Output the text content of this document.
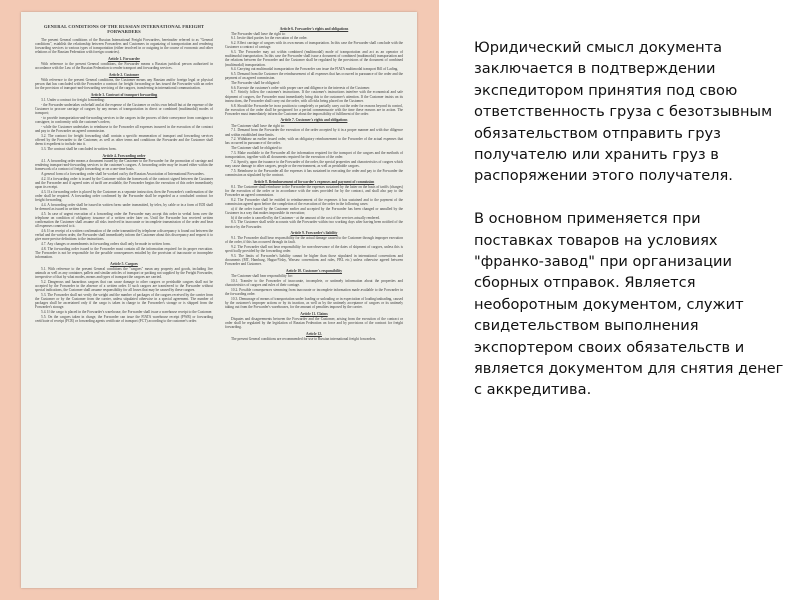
GENERAL CONDITIONS OF THE RUSSIAN INTERNATIONAL FREIGHT FORWARDERS
The present General conditions of the Russian International Freight Forwarders, hereinafter referred to as "General conditions", establish the relationship between Forwarders and Customers in organizing of transportation and rendering forwarding services to various types of transportation (either involved in or outgoing in the course of economic and other relations of the Russian Federation with foreign countries).
Article 1. Forwarder
With reference to the present General conditions, the Forwarder means a Russian juridical person authorized in accordance with the Law of the Russian Federation to render transport and forwarding services.
Article 2. Customer
With reference to the present General conditions, the Customer means any Russian and/or foreign legal or physical person that has concluded with the Forwarder a contract for freight forwarding or has issued the Forwarder with an order for the provision of transport-and-forwarding servicing of the cargoes, transferring in international communication.
Article 3. Contract of transport forwarding
3.1. Under a contract for freight forwarding:
- the Forwarder undertakes on behalf and at the expense of the Customer or on his own behalf but at the expense of the Customer to procure carriage of cargoes by any means of transportation in direct or combined (multimodal) modes of transport;
- to provide transportation-and-forwarding services to the cargoes in the process of their conveyance from consignor to consignee, in conformity with the customer's orders;
- while the Customer undertakes to reimburse to the Forwarder all expenses incurred in the execution of the contract and pay to the Forwarder an agreed commission.
3.2. The contract for freight forwarding shall contain a specific enumeration of transport and forwarding services offered by the Forwarder to the Customer, as well as other terms and conditions the Forwarder and the Customer shall deem it expedient to include into it.
3.3. The contract shall be concluded in written form.
Article 4. Forwarding order
4.1. A forwarding order means a document issued by the Customer to the Forwarder for the promotion of carriage and rendering transport-and-forwarding services to the customer's cargoes. A forwarding order may be issued either within the framework of a contract of freight forwarding or on a one-time basis.
A general form of a forwarding order shall be worked out by the Russian Association of International Forwarders.
4.2. If a forwarding order is issued by the Customer within the framework of the contract signed between the Customer and the Forwarder and if agreed rates of tariff are available, the Forwarder begins the execution of this order immediately upon its receipt.
4.3. If a forwarding order is placed by the Customer as a separate instruction, then the Forwarder's confirmation of the order shall be required. A forwarding order confirmed by the Forwarder shall be regarded as a concluded contract for freight forwarding.
4.4. A forwarding order shall be issued in written form: under transmitted, by telex, by cable or in a form of EDI shall be deemed as issued in written form.
4.5. In case of urgent execution of a forwarding order the Forwarder may accept this order in verbal form over the telephone on condition of obligatory issuance of a written order later on. Until the Forwarder has received written confirmation the Customer shall assume all risks involved in inaccurate or incomplete transmission of the order and bear all expenses connected to it.
4.6. If on receipt of a written confirmation of the order transmitted by telephone a discrepancy is found out between the verbal and the written order, the Forwarder shall immediately inform the Customer about this discrepancy and request it to give more precise definitions to the instructions.
4.7. Any changes or amendments in forwarding orders shall only be made in written form.
4.8. The forwarding order issued to the Forwarder must contain all the information required for its proper execution. The Forwarder is not be responsible for the possible consequences entailed by the provision of inaccurate or incomplete information.
Article 5. Cargoes
5.1. With reference to the present General conditions the "cargoes" mean any property and goods, including live animals as well as any container, pallets and similar articles of transport or packing not supplied by the Freight Forwarder, irrespective of that by what modes, means and types of transport the cargoes are carried.
5.2. Dangerous and hazardous cargoes that can cause damage to other cargoes or perishable cargoes shall not be accepted by the Forwarder in the absence of a written order. If such cargoes are transferred to the Forwarder without special indications, the Customer shall assume responsibility for all losses that may be caused by these cargoes.
5.3. The Forwarder shall not verify the weight and the number of packages of the cargoes received by the carrier from the Customer or by the Customer from the carrier, unless stipulated otherwise in a special agreement. The number of packages shall be ascertained only if the cargo is taken in charge to the Forwarder's storage or is shipped from the Forwarder's storage.
5.4. If the cargo is placed in the Forwarder's warehouse, the Forwarder shall issue a warehouse receipt to the Customer.
5.5. On the cargoes taken in charge, the Forwarder can issue the FIATA warehouse receipt (FWR) or forwarding certificate of receipt (FCR) or forwarding agents certificate of transport (FCT) according to the customer's order.
Article 6. Forwarder's rights and obligations
The Forwarder shall have the right to:
6.1. Invite third parties for the execution of the order.
6.2. Effect carriage of cargoes with its own means of transportation. In this case the Forwarder shall conclude with the Customer a contract of carriage.
6.3. The Forwarder may act within combined (multimodal) mode of transportation and act as an operator of multimodal transportation. In this case the Forwarder shall issue a document of combined (multimodal) transportation and the relations between the Forwarder and the Customer shall be regulated by the provisions of the document of combined (multimodal) transportation.
6.4. Carrying out multimodal transportation the Forwarder can issue the FIATA multimodal transport Bill of Lading.
6.5. Demand from the Customer the reimbursement of all expenses that has occurred in pursuance of the order and the payment of an agreed commission.
The Forwarder shall be obligated:
6.6. Execute the customer's order with proper care and diligence in the interests of the Customer.
6.7. Strictly follow the customer's instructions. If the customer's instructions interfere with the economical and safe shipment of cargoes, the Forwarder must immediately bring this to the customer's attention. If the Customer insists on its instructions, the Forwarder shall carry out the order, with all risks being placed on the Customer.
6.8. Should the Forwarder be in no position to completely or partially carry out the order for reasons beyond its control, the execution of the order shall be postponed for a period commensurate with the time these reasons are in action. The Forwarder must immediately inform the Customer about the impossibility of fulfilment of the order.
Article 7. Customer's rights and obligations
The Customer shall have the right to:
7.1. Demand from the Forwarder the execution of the order accepted by it in a proper manner and with due diligence and within established time limits.
7.2. Withdraw an earlier issued order, with an obligatory reimbursement to the Forwarder of the actual expenses that has occurred in pursuance of the order.
The Customer shall be obligated to:
7.3. Make available to the Forwarder all the information required for the transport of the cargoes and the methods of transportation, together with all documents required for the execution of the order.
7.4. Specify, upon the issuance to the Forwarder of the order, the special properties and characteristics of cargoes which may cause damage to other cargoes, people or the environment, as well as perishable cargoes.
7.5. Reimburse to the Forwarder all the expenses it has sustained in executing the order and pay to the Forwarder the commission as stipulated by the contract.
Article 8. Reimbursement of forwarder's expenses and payment of commission
8.1. The Customer shall reimburse to the Forwarder the expenses sustained by the latter on the basis of tariffs (charges) for the execution of the order or in accordance with the rates provided for by the contract, and shall also pay to the Forwarder an agreed commission.
8.2. The Forwarder shall be entitled to reimbursement of the expenses it has sustained and to the payment of the commission agreed upon before the completion of the execution of the order in the following cases:
a) if the order issued by the Customer earlier and accepted by the Forwarder has been changed or annulled by the Customer in a way that makes impossible its execution;
b) if the order is cancelled by the Customer - at the amount of the cost of the services actually rendered.
8.3. The Customer shall settle accounts with the Forwarder within two working days after having been notified of the invoice by the Forwarder.
Article 9. Forwarder's liability
9.1. The Forwarder shall bear responsibility for the actual damage caused to the Customer through improper execution of the order, if this has occurred through its fault.
9.2. The Forwarder shall not bear responsibility for non-observance of the dates of shipment of cargoes, unless this is specifically provided by the forwarding order.
9.3. The limits of Forwarder's liability cannot be higher than those stipulated in international conventions and documents (MT, Hamburg, Hague/Visby, Warsaw conventions and rules, FBL etc.) unless otherwise agreed between Forwarder and Customer.
Article 10. Customer's responsibility
The Customer shall bear responsibility for:
10.1. Transfer to the Forwarder of inaccurate, incomplete, or untimely information about the properties and characteristics of cargoes and rules of their carriage.
10.2. Possible consequences stemming from inaccurate or incomplete information made available to the Forwarder in the forwarding order.
10.3. Demurrage of means of transportation under loading or unloading or in expectation of loading/unloading, caused by the customer's improper actions or by its inaction, as well as by the untimely acceptance of cargoes or its untimely taking out from the Forwarder's warehouses, for the amount of penalties imposed by the carrier.
Article 11. Claims
Disputes and disagreements between the Forwarder and the Customer, arising from the execution of the contract or order shall be regulated by the legislation of Russian Federation on force and by provisions of the contract for freight forwarding.
Article 12.
The present General conditions are recommended for use to Russian international freight forwarders.

Юридический смысл документа заключается в подтверждении экспедитором принятия под свою ответственность груза с безотзывным обязательством отправить груз получателю или хранить груз в распоряжении этого получателя.

В основном применяется при поставках товаров на условиях "франко-завод" при организации сборных отправок. Является необоротным документом, служит свидетельством выполнения экспортером своих обязательств и является документом для снятия денег с аккредитива.
